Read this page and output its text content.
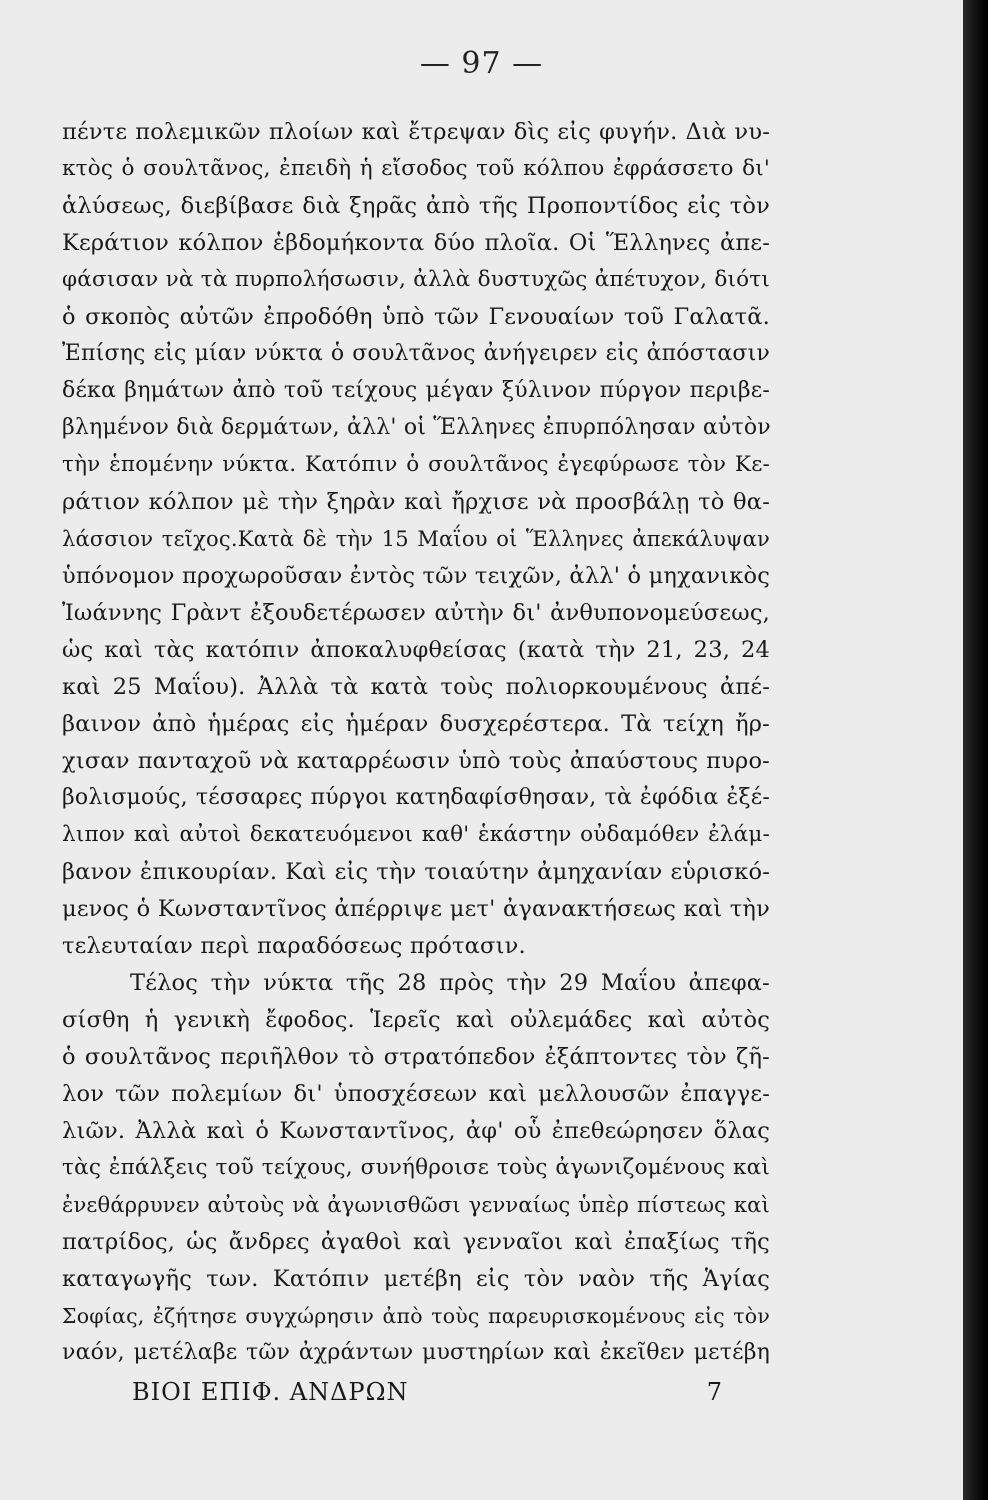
— 97 —
πέντε πολεμικῶν πλοίων καὶ ἔτρεψαν δὶς εἰς φυγήν. Διὰ νυ-
κτὸς ὁ σουλτᾶνος, ἐπειδὴ ἡ εἴσοδος τοῦ κόλπου ἐφράσσετο δι'
ἁλύσεως, διεβίβασε διὰ ξηρᾶς ἀπὸ τῆς Προποντίδος εἰς τὸν
Κεράτιον κόλπον ἑβδομήκοντα δύο πλοῖα. Οἱ Ἕλληνες ἀπε-
φάσισαν νὰ τὰ πυρπολήσωσιν, ἀλλὰ δυστυχῶς ἀπέτυχον, διότι
ὁ σκοπὸς αὐτῶν ἐπροδόθη ὑπὸ τῶν Γενουαίων τοῦ Γαλατᾶ.
Ἐπίσης εἰς μίαν νύκτα ὁ σουλτᾶνος ἀνήγειρεν εἰς ἀπόστασιν
δέκα βημάτων ἀπὸ τοῦ τείχους μέγαν ξύλινον πύργον περιβε-
βλημένον διὰ δερμάτων, ἀλλ' οἱ Ἕλληνες ἐπυρπόλησαν αὐτὸν
τὴν ἑπομένην νύκτα. Κατόπιν ὁ σουλτᾶνος ἐγεφύρωσε τὸν Κε-
ράτιον κόλπον μὲ τὴν ξηρὰν καὶ ἤρχισε νὰ προσβάλῃ τὸ θα-
λάσσιον τεῖχος.Κατὰ δὲ τὴν 15 Μαΐου οἱ Ἕλληνες ἀπεκάλυψαν
ὑπόνομον προχωροῦσαν ἐντὸς τῶν τειχῶν, ἀλλ' ὁ μηχανικὸς
Ἰωάννης Γρὰντ ἐξουδετέρωσεν αὐτὴν δι' ἀνθυπονομεύσεως,
ὡς καὶ τὰς κατόπιν ἀποκαλυφθείσας (κατὰ τὴν 21, 23, 24
καὶ 25 Μαΐου). Ἀλλὰ τὰ κατὰ τοὺς πολιορκουμένους ἀπέ-
βαινον ἀπὸ ἡμέρας εἰς ἡμέραν δυσχερέστερα. Τὰ τείχη ἤρ-
χισαν πανταχοῦ νὰ καταρρέωσιν ὑπὸ τοὺς ἀπαύστους πυρο-
βολισμούς, τέσσαρες πύργοι κατηδαφίσθησαν, τὰ ἐφόδια ἐξέ-
λιπον καὶ αὐτοὶ δεκατευόμενοι καθ' ἑκάστην οὐδαμόθεν ἐλάμ-
βανον ἐπικουρίαν. Καὶ εἰς τὴν τοιαύτην ἀμηχανίαν εὑρισκό-
μενος ὁ Κωνσταντῖνος ἀπέρριψε μετ' ἀγανακτήσεως καὶ τὴν
τελευταίαν περὶ παραδόσεως πρότασιν.
Τέλος τὴν νύκτα τῆς 28 πρὸς τὴν 29 Μαΐου ἀπεφα-
σίσθη ἡ γενικὴ ἔφοδος. Ἱερεῖς καὶ οὐλεμάδες καὶ αὐτὸς
ὁ σουλτᾶνος περιῆλθον τὸ στρατόπεδον ἐξάπτοντες τὸν ζῆ-
λον τῶν πολεμίων δι' ὑποσχέσεων καὶ μελλουσῶν ἐπαγγε-
λιῶν. Ἀλλὰ καὶ ὁ Κωνσταντῖνος, ἀφ' οὗ ἐπεθεώρησεν ὅλας
τὰς ἐπάλξεις τοῦ τείχους, συνήθροισε τοὺς ἀγωνιζομένους καὶ
ἐνεθάρρυνεν αὐτοὺς νὰ ἀγωνισθῶσι γενναίως ὑπὲρ πίστεως καὶ
πατρίδος, ὡς ἄνδρες ἀγαθοὶ καὶ γενναῖοι καὶ ἐπαξίως τῆς
καταγωγῆς των. Κατόπιν μετέβη εἰς τὸν ναὸν τῆς Ἁγίας
Σοφίας, ἐζήτησε συγχώρησιν ἀπὸ τοὺς παρευρισκομένους εἰς τὸν
ναόν, μετέλαβε τῶν ἀχράντων μυστηρίων καὶ ἐκεῖθεν μετέβη
ΒΙΟΙ ΕΠΙΦ. ΑΝΔΡΩΝ	7
